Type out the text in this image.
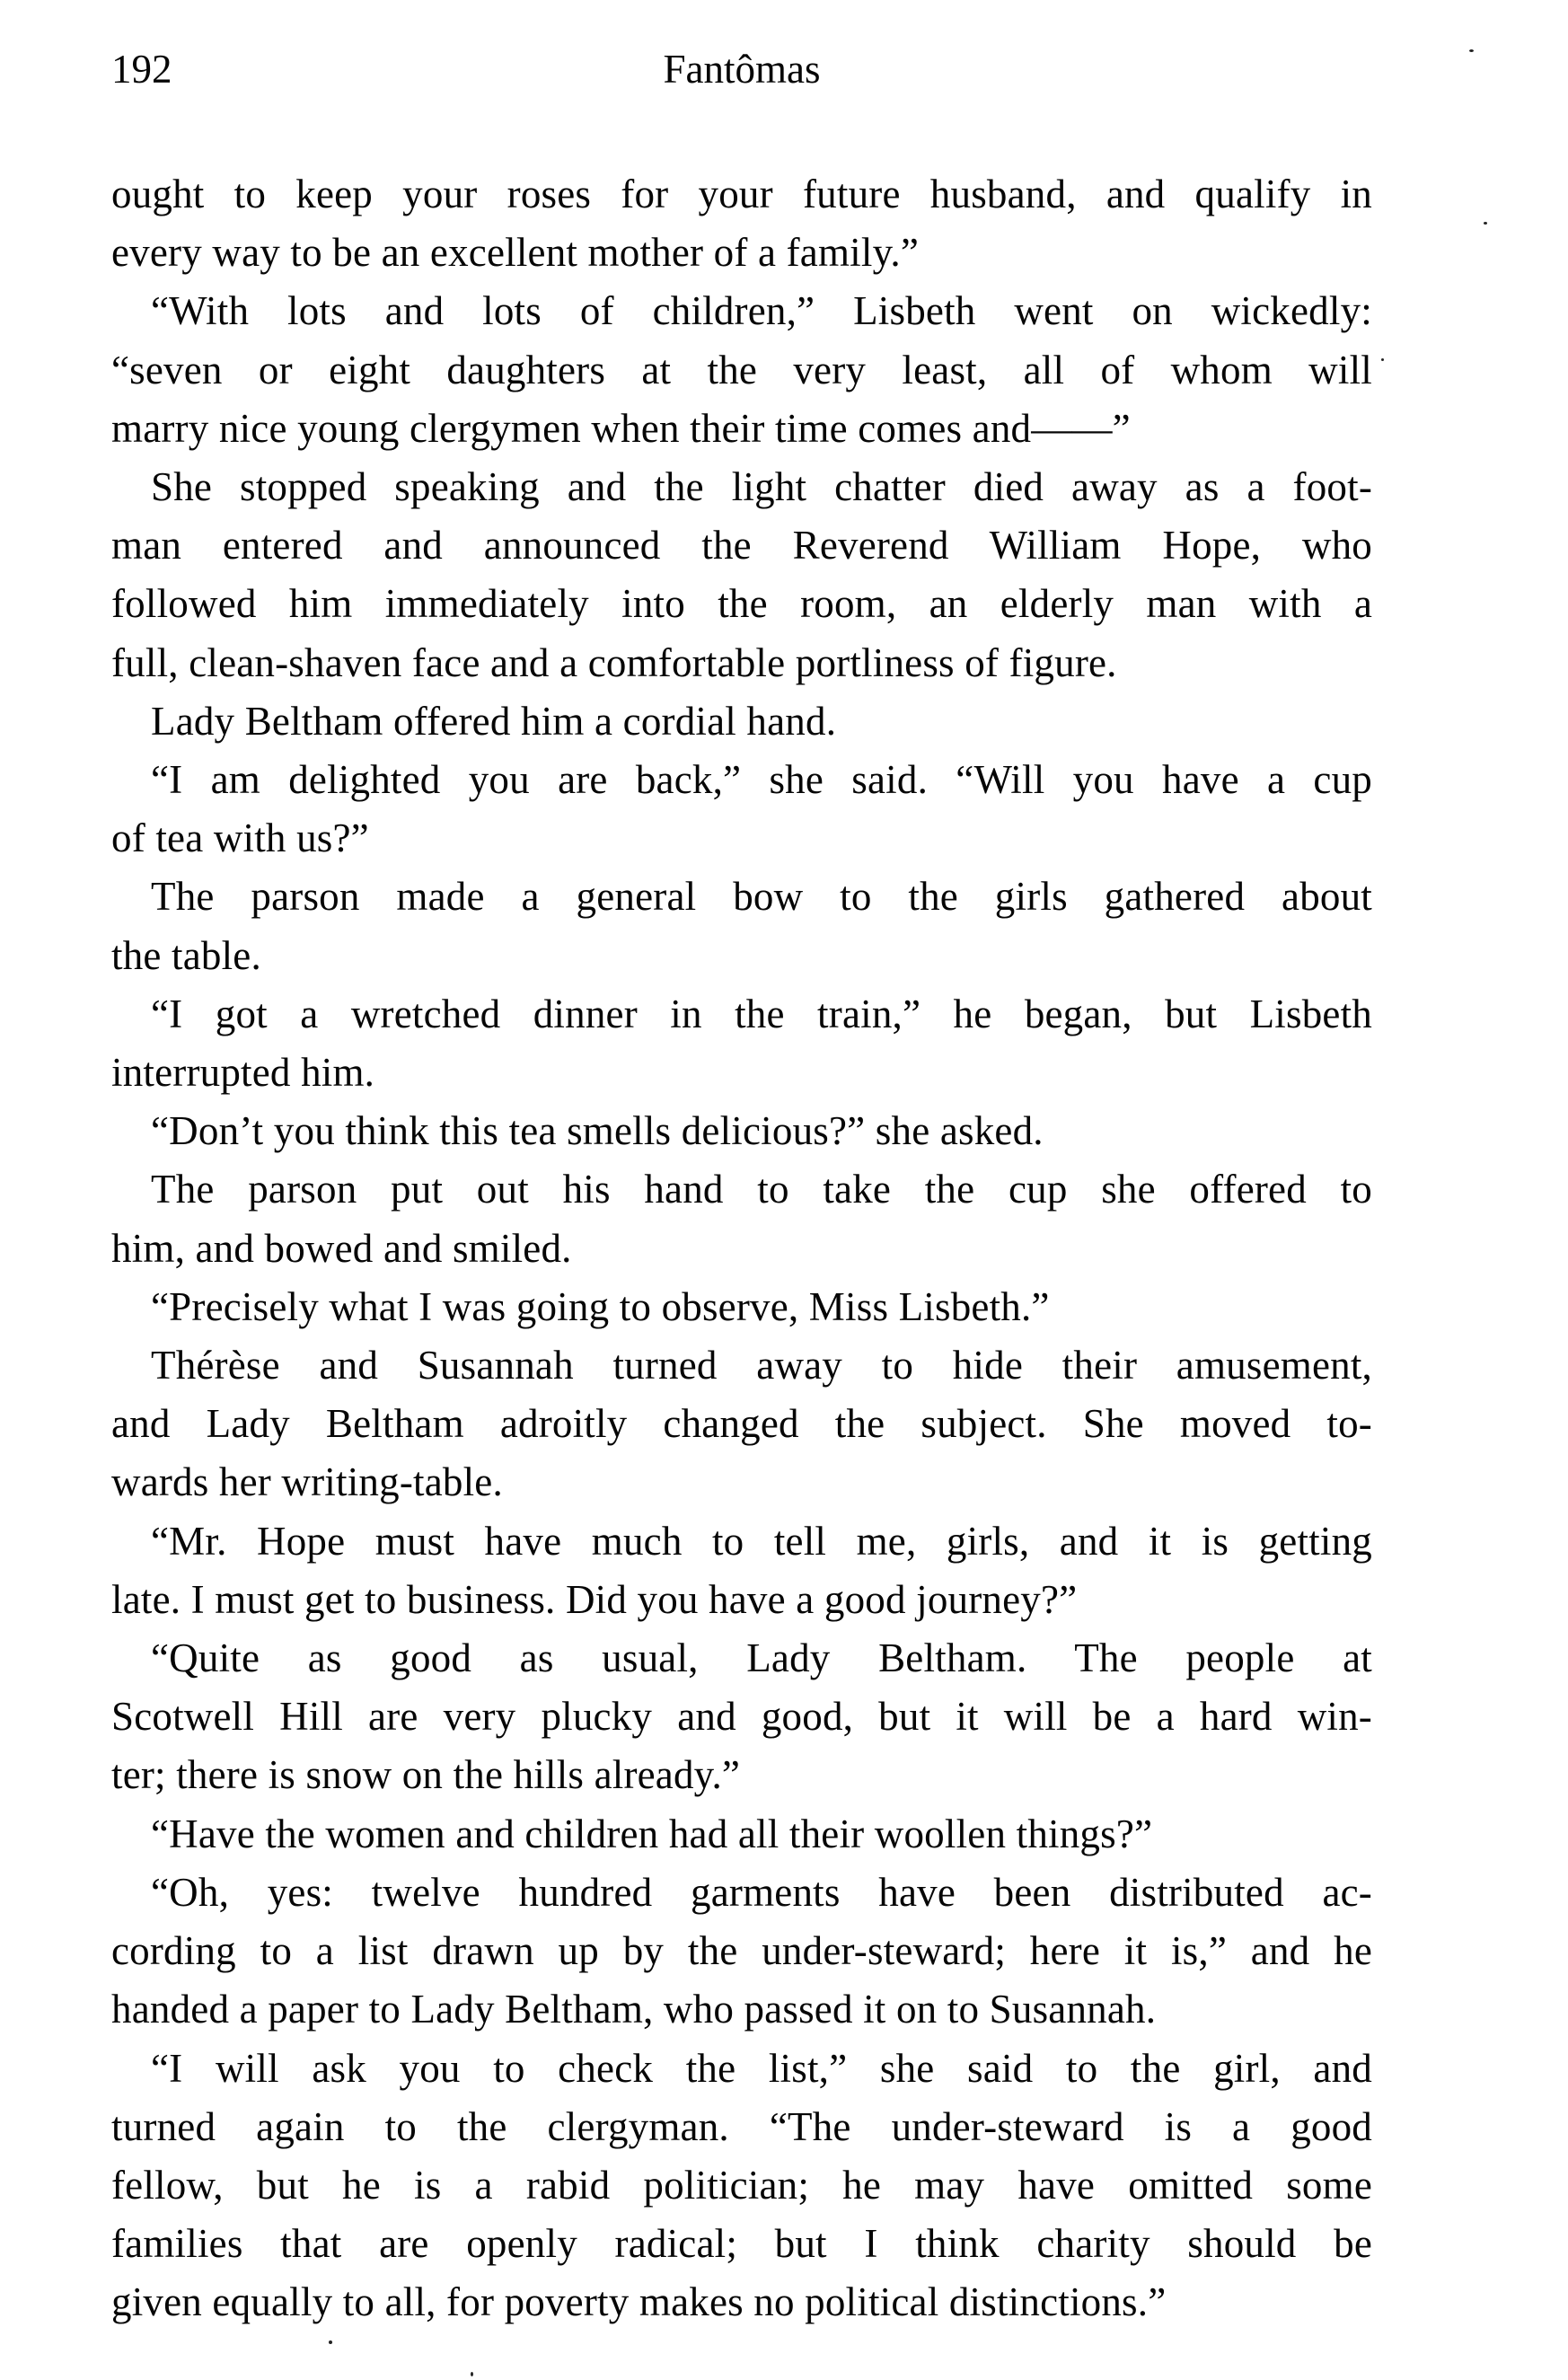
192	Fantômas
ought to keep your roses for your future husband, and qualify in
every way to be an excellent mother of a family.”
“With lots and lots of children,” Lisbeth went on wickedly:
“seven or eight daughters at the very least, all of whom will
marry nice young clergymen when their time comes and——”
She stopped speaking and the light chatter died away as a foot-
man entered and announced the Reverend William Hope, who
followed him immediately into the room, an elderly man with a
full, clean-shaven face and a comfortable portliness of figure.
Lady Beltham offered him a cordial hand.
“I am delighted you are back,” she said. “Will you have a cup
of tea with us?”
The parson made a general bow to the girls gathered about
the table.
“I got a wretched dinner in the train,” he began, but Lisbeth
interrupted him.
“Don’t you think this tea smells delicious?” she asked.
The parson put out his hand to take the cup she offered to
him, and bowed and smiled.
“Precisely what I was going to observe, Miss Lisbeth.”
Thérèse and Susannah turned away to hide their amusement,
and Lady Beltham adroitly changed the subject. She moved to-
wards her writing-table.
“Mr. Hope must have much to tell me, girls, and it is getting
late. I must get to business. Did you have a good journey?”
“Quite as good as usual, Lady Beltham. The people at
Scotwell Hill are very plucky and good, but it will be a hard win-
ter; there is snow on the hills already.”
“Have the women and children had all their woollen things?”
“Oh, yes: twelve hundred garments have been distributed ac-
cording to a list drawn up by the under-steward; here it is,” and he
handed a paper to Lady Beltham, who passed it on to Susannah.
“I will ask you to check the list,” she said to the girl, and
turned again to the clergyman. “The under-steward is a good
fellow, but he is a rabid politician; he may have omitted some
families that are openly radical; but I think charity should be
given equally to all, for poverty makes no political distinctions.”
